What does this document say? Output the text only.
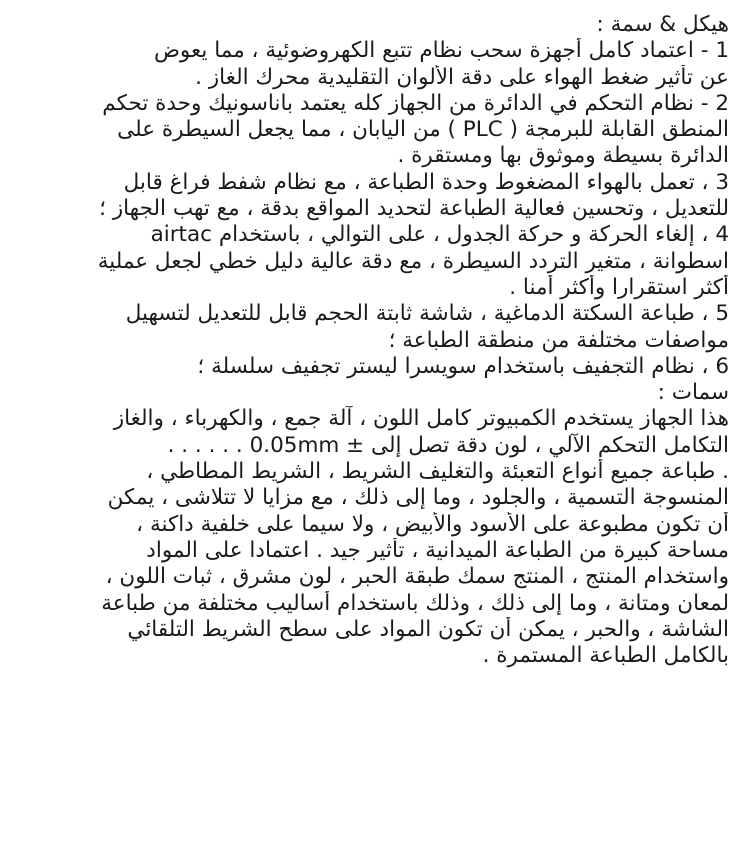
هيكل & سمة :
1 - اعتماد كامل أجهزة سحب نظام تتبع الكهروضوئية ، مما يعوض
عن تأثير ضغط الهواء على دقة الألوان التقليدية محرك الغاز .
2 - نظام التحكم في الدائرة من الجهاز كله يعتمد باناسونيك وحدة تحكم
المنطق القابلة للبرمجة ( PLC ) من اليابان ، مما يجعل السيطرة على
الدائرة بسيطة وموثوق بها ومستقرة .
3 ، تعمل بالهواء المضغوط وحدة الطباعة ، مع نظام شفط فراغ قابل
للتعديل ، وتحسين فعالية الطباعة لتحديد المواقع بدقة ، مع تهب الجهاز ؛
4 ، إلغاء الحركة و حركة الجدول ، على التوالي ، باستخدام airtac
اسطوانة ، متغير التردد السيطرة ، مع دقة عالية دليل خطي لجعل عملية
أكثر استقرارا وأكثر أمنا .
5 ، طباعة السكتة الدماغية ، شاشة ثابتة الحجم قابل للتعديل لتسهيل
مواصفات مختلفة من منطقة الطباعة ؛
6 ، نظام التجفيف باستخدام سويسرا ليستر تجفيف سلسلة ؛
سمات :
هذا الجهاز يستخدم الكمبيوتر كامل اللون ، آلة جمع ، والكهرباء ، والغاز
التكامل التحكم الآلي ، لون دقة تصل إلى ± 0.05mm . . . . . .
. طباعة جميع أنواع التعبئة والتغليف الشريط ، الشريط المطاطي ،
المنسوجة التسمية ، والجلود ، وما إلى ذلك ، مع مزايا لا تتلاشى ، يمكن
أن تكون مطبوعة على الأسود والأبيض ، ولا سيما على خلفية داكنة ،
مساحة كبيرة من الطباعة الميدانية ، تأثير جيد . اعتمادا على المواد
واستخدام المنتج ، المنتج سمك طبقة الحبر ، لون مشرق ، ثبات اللون ،
لمعان ومتانة ، وما إلى ذلك ، وذلك باستخدام أساليب مختلفة من طباعة
الشاشة ، والحبر ، يمكن أن تكون المواد على سطح الشريط التلقائي
بالكامل الطباعة المستمرة .
